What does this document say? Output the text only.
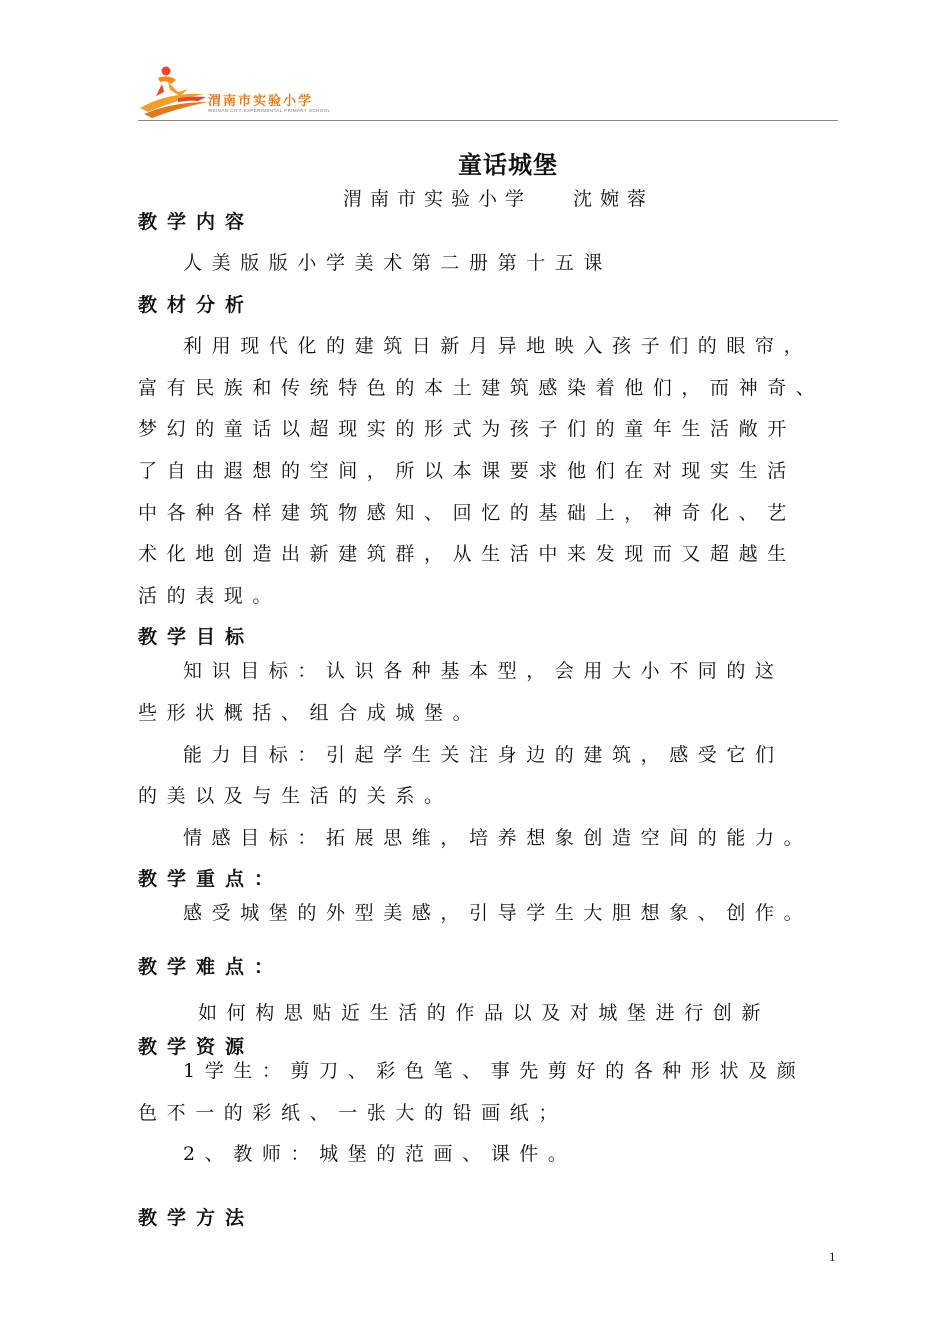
渭南市实验小学
WEINAN CITY EXPERIMENTAL PRIMARY SCHOOL
童话城堡
渭南市实验小学　 沈婉蓉
教学内容
人美版版小学美术第二册第十五课
教材分析
利用现代化的建筑日新月异地映入孩子们的眼帘，
富有民族和传统特色的本土建筑感染着他们，而神奇、
梦幻的童话以超现实的形式为孩子们的童年生活敞开
了自由遐想的空间，所以本课要求他们在对现实生活
中各种各样建筑物感知、回忆的基础上，神奇化、艺
术化地创造出新建筑群，从生活中来发现而又超越生
活的表现。
教学目标
知识目标：认识各种基本型，会用大小不同的这
些形状概括、组合成城堡。
能力目标：引起学生关注身边的建筑，感受它们
的美以及与生活的关系。
情感目标：拓展思维，培养想象创造空间的能力。
教学重点：
感受城堡的外型美感，引导学生大胆想象、创作。
教学难点：
如何构思贴近生活的作品以及对城堡进行创新
教学资源
1学生：剪刀、彩色笔、事先剪好的各种形状及颜
色不一的彩纸、一张大的铅画纸；
2、教师：城堡的范画、课件。
教学方法
1
